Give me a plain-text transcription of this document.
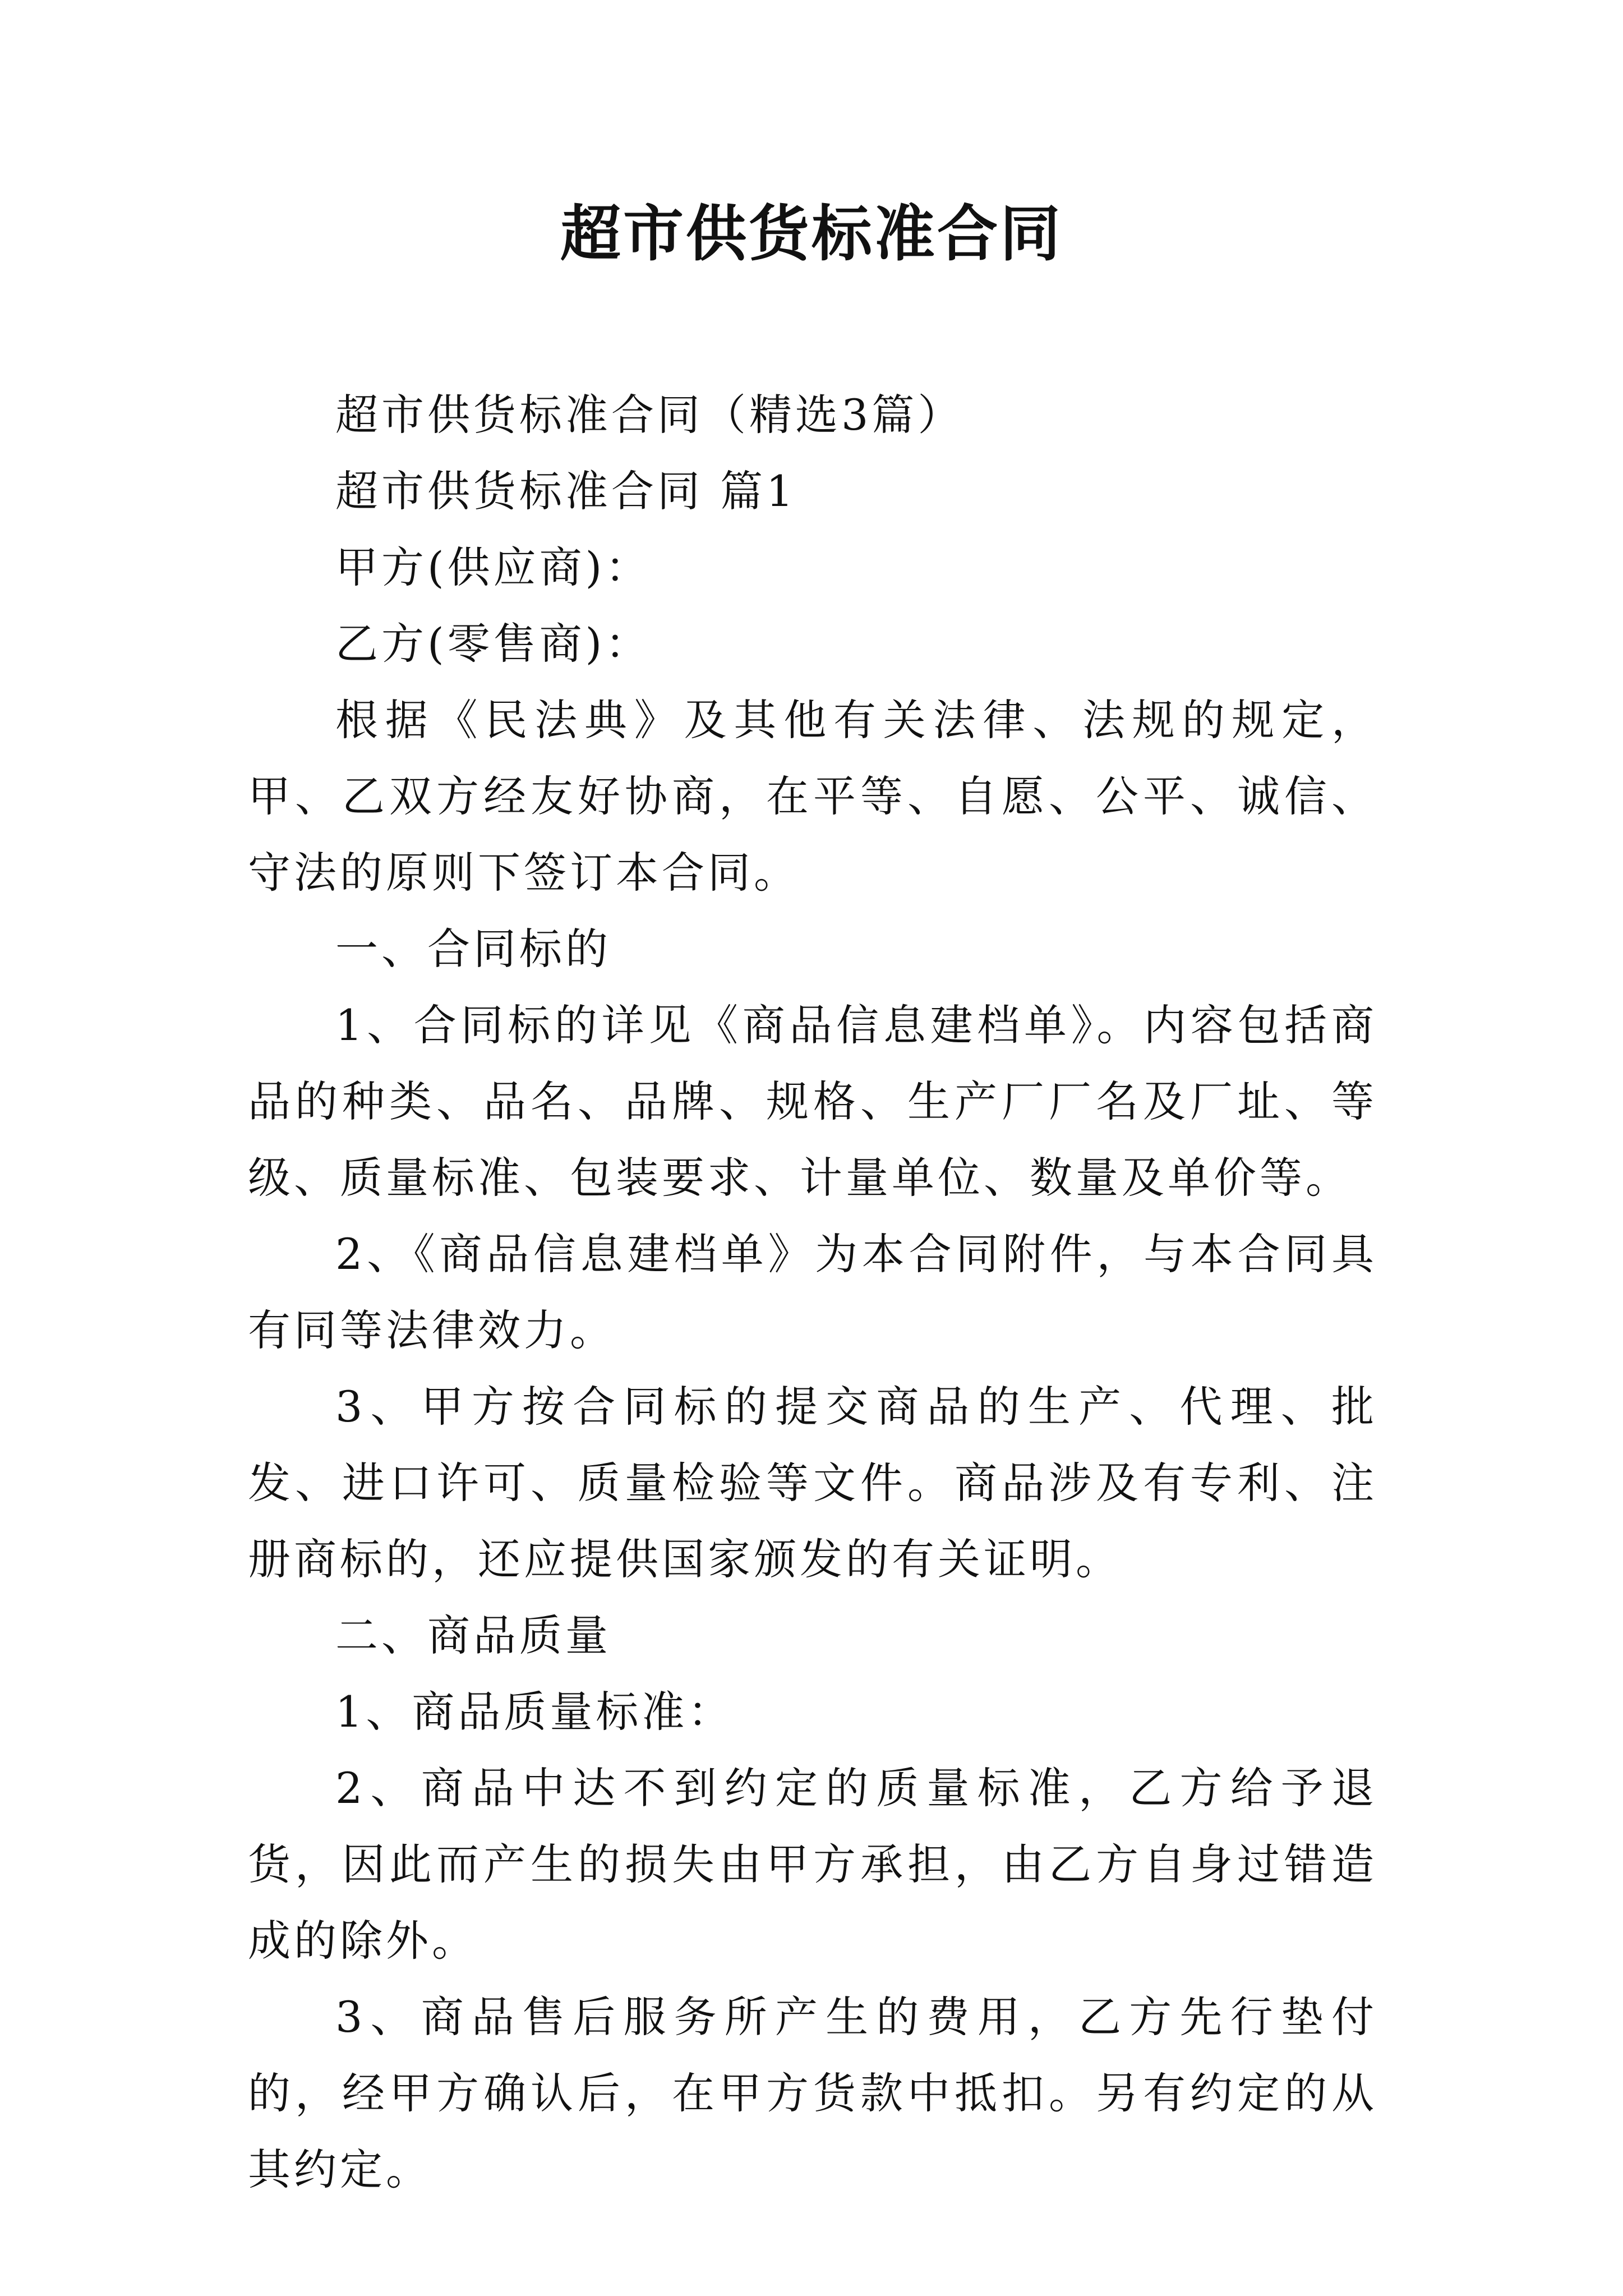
超市供货标准合同

超市供货标准合同（精选3篇）

超市供货标准合同 篇1

甲方(供应商)：

乙方(零售商)：

根据《民法典》及其他有关法律、法规的规定，甲、乙双方经友好协商，在平等、自愿、公平、诚信、守法的原则下签订本合同。

一、合同标的

1、合同标的详见《商品信息建档单》。内容包括商品的种类、品名、品牌、规格、生产厂厂名及厂址、等级、质量标准、包装要求、计量单位、数量及单价等。

2、《商品信息建档单》为本合同附件，与本合同具有同等法律效力。

3、甲方按合同标的提交商品的生产、代理、批发、进口许可、质量检验等文件。商品涉及有专利、注册商标的，还应提供国家颁发的有关证明。

二、商品质量

1、商品质量标准：

2、商品中达不到约定的质量标准，乙方给予退货，因此而产生的损失由甲方承担，由乙方自身过错造成的除外。

3、商品售后服务所产生的费用，乙方先行垫付的，经甲方确认后，在甲方货款中抵扣。另有约定的从其约定。
